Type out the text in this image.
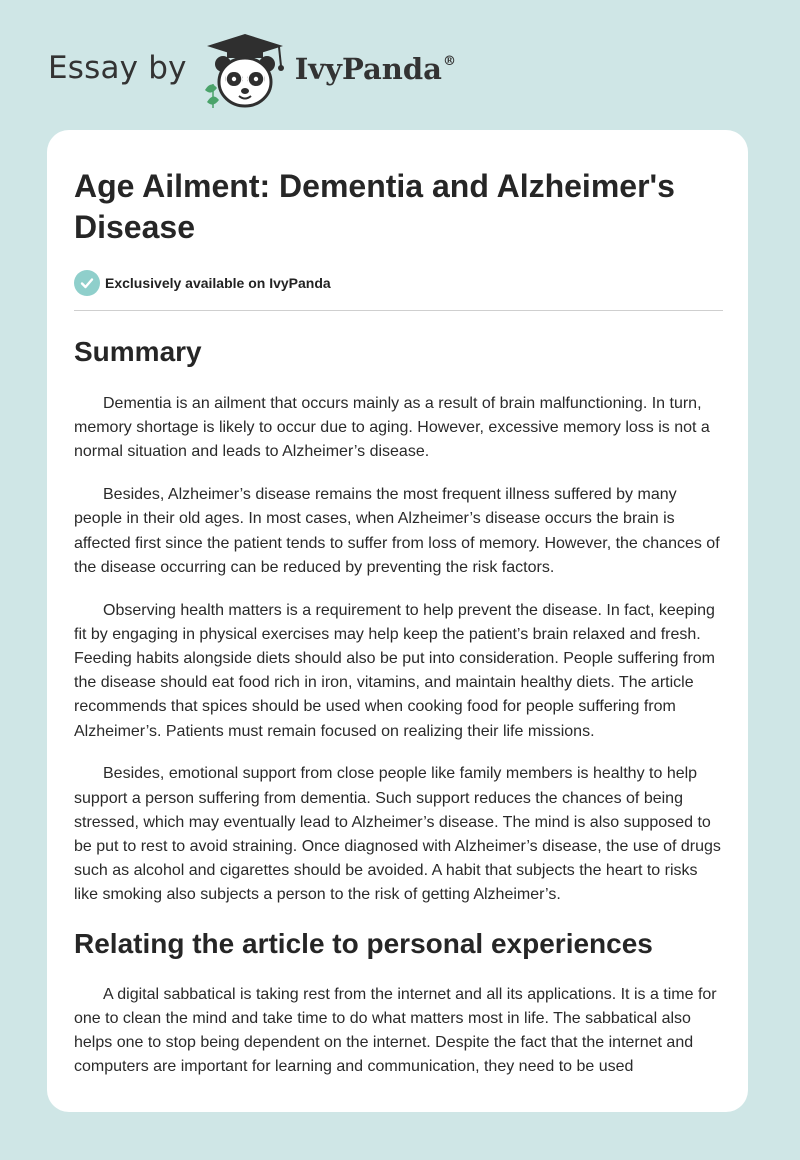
Essay by	IvyPanda®
Age Ailment: Dementia and Alzheimer's Disease
Exclusively available on IvyPanda
Summary

Dementia is an ailment that occurs mainly as a result of brain malfunctioning. In turn, memory shortage is likely to occur due to aging. However, excessive memory loss is not a normal situation and leads to Alzheimer’s disease.

Besides, Alzheimer’s disease remains the most frequent illness suffered by many people in their old ages. In most cases, when Alzheimer’s disease occurs the brain is affected first since the patient tends to suffer from loss of memory. However, the chances of the disease occurring can be reduced by preventing the risk factors.

Observing health matters is a requirement to help prevent the disease. In fact, keeping fit by engaging in physical exercises may help keep the patient’s brain relaxed and fresh. Feeding habits alongside diets should also be put into consideration. People suffering from the disease should eat food rich in iron, vitamins, and maintain healthy diets. The article recommends that spices should be used when cooking food for people suffering from Alzheimer’s. Patients must remain focused on realizing their life missions.

Besides, emotional support from close people like family members is healthy to help support a person suffering from dementia. Such support reduces the chances of being stressed, which may eventually lead to Alzheimer’s disease. The mind is also supposed to be put to rest to avoid straining. Once diagnosed with Alzheimer’s disease, the use of drugs such as alcohol and cigarettes should be avoided. A habit that subjects the heart to risks like smoking also subjects a person to the risk of getting Alzheimer’s.

Relating the article to personal experiences

A digital sabbatical is taking rest from the internet and all its applications. It is a time for one to clean the mind and take time to do what matters most in life. The sabbatical also helps one to stop being dependent on the internet. Despite the fact that the internet and computers are important for learning and communication, they need to be used
